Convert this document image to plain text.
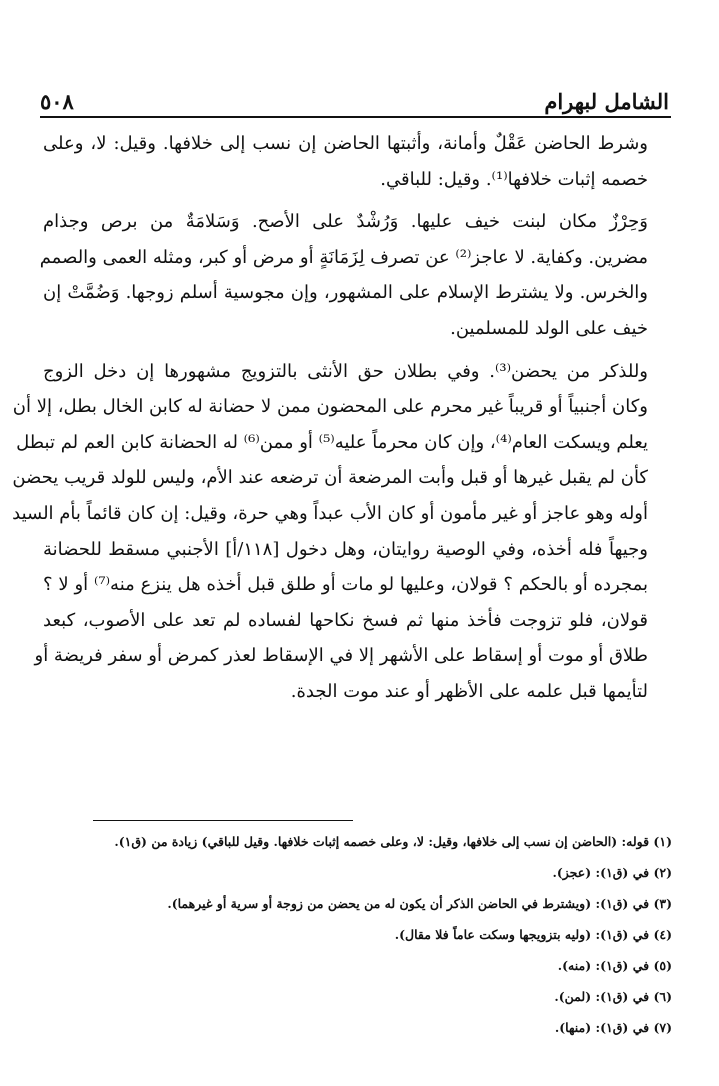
الشامل لبهرام
٥٠٨
وشرط الحاضن عَقْلٌ وأمانة، وأثبتها الحاضن إن نسب إلى خلافها. وقيل: لا، وعلى
خصمه إثبات خلافها⁽¹⁾. وقيل: للباقي.
وَحِرْزٌ مكان لبنت خيف عليها. وَرُشْدٌ على الأصح. وَسَلامَةٌ من برص وجذام
مضرين. وكفاية. لا عاجز⁽²⁾ عن تصرف لِزَمَانَةٍ أو مرض أو كبر، ومثله العمى والصمم
والخرس. ولا يشترط الإسلام على المشهور، وإن مجوسية أسلم زوجها. وَضُمَّتْ إن
خيف على الولد للمسلمين.
وللذكر من يحضن⁽³⁾. وفي بطلان حق الأنثى بالتزويج مشهورها إن دخل الزوج
وكان أجنبياً أو قريباً غير محرم على المحضون ممن لا حضانة له كابن الخال بطل، إلا أن
يعلم ويسكت العام⁽⁴⁾، وإن كان محرماً عليه⁽⁵⁾ أو ممن⁽⁶⁾ له الحضانة كابن العم لم تبطل
كأن لم يقبل غيرها أو قبل وأبت المرضعة أن ترضعه عند الأم، وليس للولد قريب يحضن
أوله وهو عاجز أو غير مأمون أو كان الأب عبداً وهي حرة، وقيل: إن كان قائماً بأم السيد
وجيهاً فله أخذه، وفي الوصية روايتان، وهل دخول [١١٨/أ] الأجنبي مسقط للحضانة
بمجرده أو بالحكم ؟ قولان، وعليها لو مات أو طلق قبل أخذه هل ينزع منه⁽⁷⁾ أو لا ؟
قولان، فلو تزوجت فأخذ منها ثم فسخ نكاحها لفساده لم تعد على الأصوب، كبعد
طلاق أو موت أو إسقاط على الأشهر إلا في الإسقاط لعذر كمرض أو سفر فريضة أو
لتأيمها قبل علمه على الأظهر أو عند موت الجدة.
(١) قوله: (الحاضن إن نسب إلى خلافها، وقيل: لا، وعلى خصمه إثبات خلافها. وقيل للباقي) زيادة من (ق١).
(٢) في (ق١): (عجز).
(٣) في (ق١): (ويشترط في الحاضن الذكر أن يكون له من يحضن من زوجة أو سرية أو غيرهما).
(٤) في (ق١): (وليه بتزويجها وسكت عاماً فلا مقال).
(٥) في (ق١): (منه).
(٦) في (ق١): (لمن).
(٧) في (ق١): (منها).
